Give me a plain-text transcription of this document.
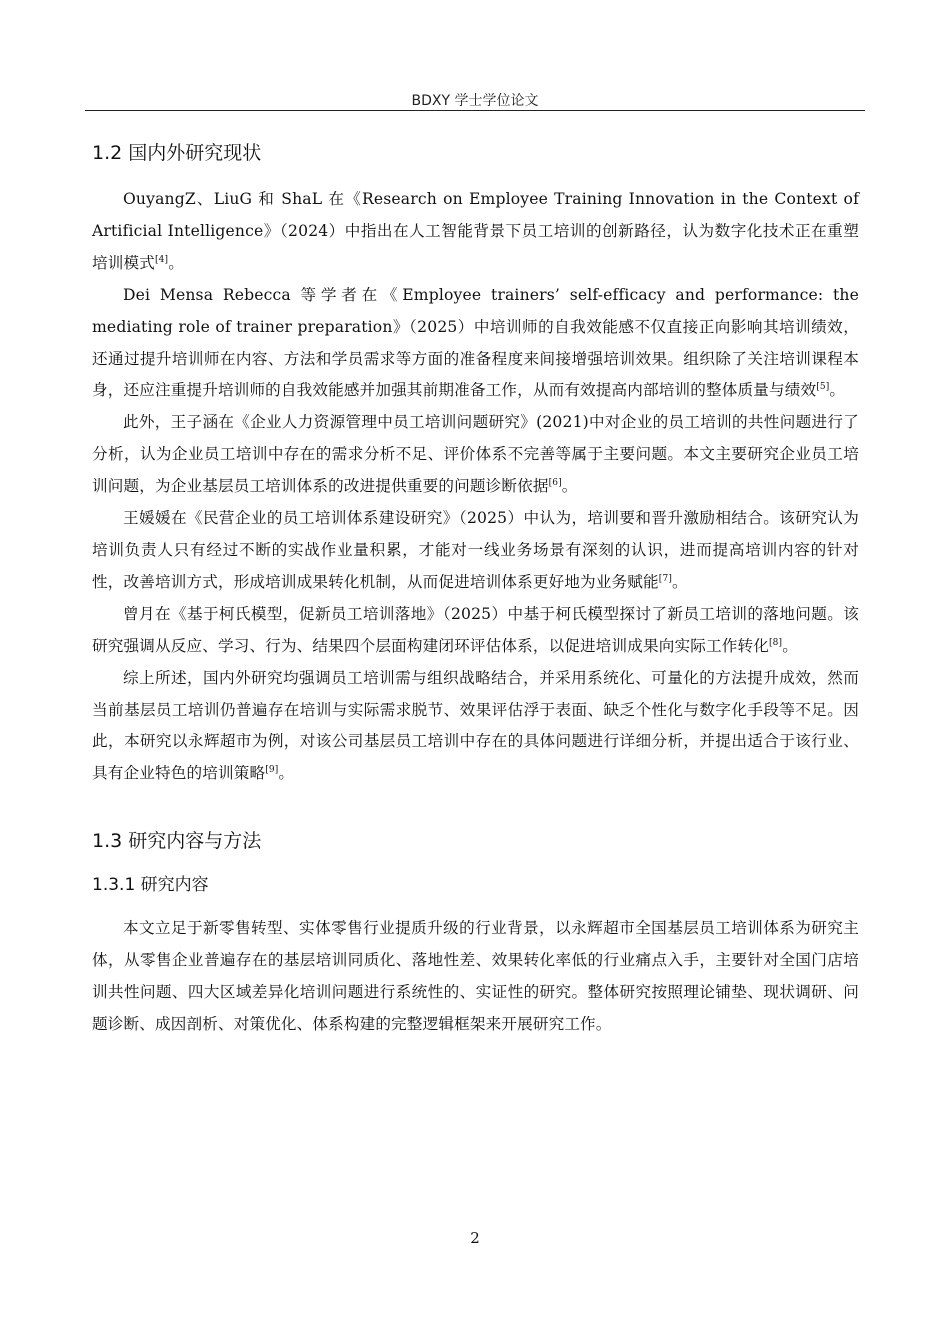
BDXY 学士学位论文
1.2 国内外研究现状

OuyangZ、LiuG 和 ShaL 在《Research on Employee Training Innovation in the Context of Artificial Intelligence》（2024）中指出在人工智能背景下员工培训的创新路径，认为数字化技术正在重塑培训模式[4]。

Dei Mensa Rebecca 等学者在《Employee trainers’ self-efficacy and performance: the mediating role of trainer preparation》（2025）中培训师的自我效能感不仅直接正向影响其培训绩效，还通过提升培训师在内容、方法和学员需求等方面的准备程度来间接增强培训效果。组织除了关注培训课程本身，还应注重提升培训师的自我效能感并加强其前期准备工作，从而有效提高内部培训的整体质量与绩效[5]。

此外，王子涵在《企业人力资源管理中员工培训问题研究》(2021)中对企业的员工培训的共性问题进行了分析，认为企业员工培训中存在的需求分析不足、评价体系不完善等属于主要问题。本文主要研究企业员工培训问题，为企业基层员工培训体系的改进提供重要的问题诊断依据[6]。

王媛媛在《民营企业的员工培训体系建设研究》（2025）中认为，培训要和晋升激励相结合。该研究认为培训负责人只有经过不断的实战作业量积累，才能对一线业务场景有深刻的认识，进而提高培训内容的针对性，改善培训方式，形成培训成果转化机制，从而促进培训体系更好地为业务赋能[7]。

曾月在《基于柯氏模型，促新员工培训落地》（2025）中基于柯氏模型探讨了新员工培训的落地问题。该研究强调从反应、学习、行为、结果四个层面构建闭环评估体系，以促进培训成果向实际工作转化[8]。

综上所述，国内外研究均强调员工培训需与组织战略结合，并采用系统化、可量化的方法提升成效，然而当前基层员工培训仍普遍存在培训与实际需求脱节、效果评估浮于表面、缺乏个性化与数字化手段等不足。因此，本研究以永辉超市为例，对该公司基层员工培训中存在的具体问题进行详细分析，并提出适合于该行业、具有企业特色的培训策略[9]。

1.3 研究内容与方法
1.3.1 研究内容

本文立足于新零售转型、实体零售行业提质升级的行业背景，以永辉超市全国基层员工培训体系为研究主体，从零售企业普遍存在的基层培训同质化、落地性差、效果转化率低的行业痛点入手，主要针对全国门店培训共性问题、四大区域差异化培训问题进行系统性的、实证性的研究。整体研究按照理论铺垫、现状调研、问题诊断、成因剖析、对策优化、体系构建的完整逻辑框架来开展研究工作。

2
